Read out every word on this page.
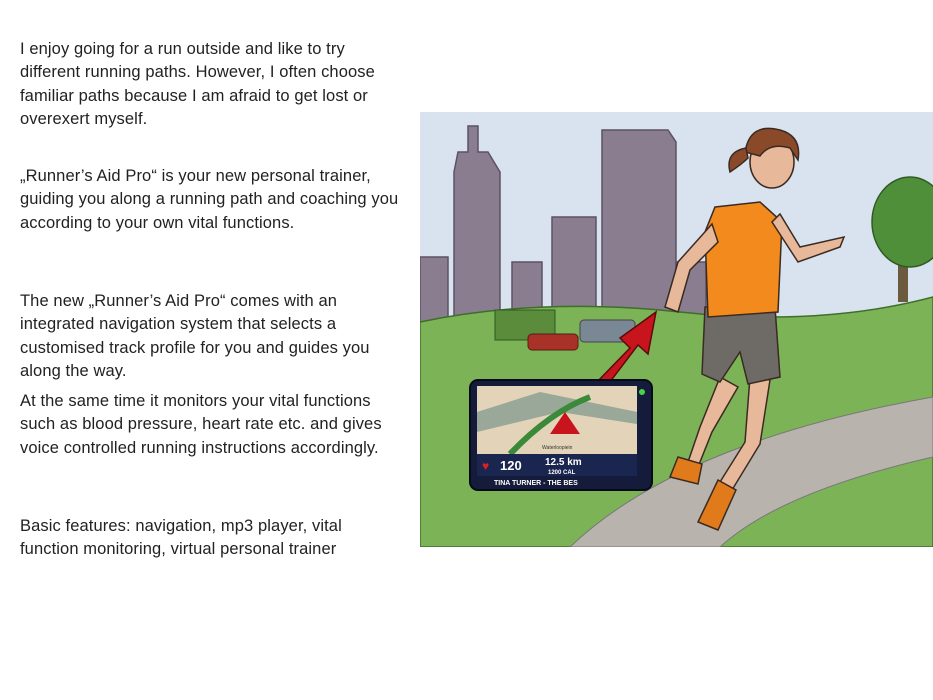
I enjoy going for a run outside and like to try different running paths. However, I often choose familiar paths because I am afraid to get lost or overexert myself.

„Runner’s Aid Pro“ is your new personal trainer, guiding you along a running path and coaching you according to your own vital functions.

The new „Runner’s Aid Pro“ comes with an integrated navigation system that selects a customised track profile for you and guides you along the way.

At the same time it monitors your vital functions such as blood pressure, heart rate etc. and gives voice controlled running instructions accordingly.

Basic features: navigation, mp3 player, vital function monitoring, virtual personal trainer

♥ 120 12.5 km
1200 CAL
TINA TURNER - THE BES
Waterloopiein
